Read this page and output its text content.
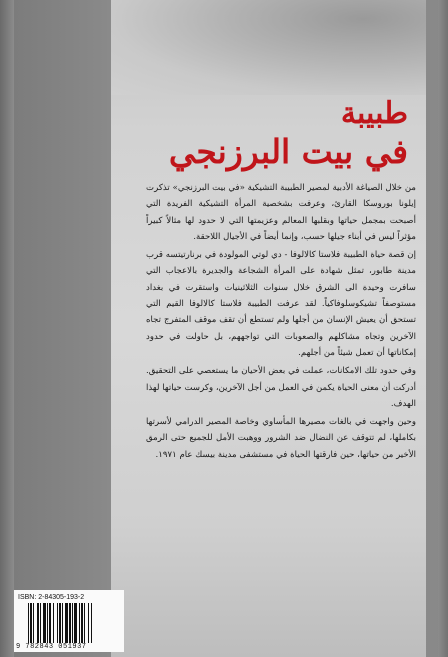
طبيبة
في بيت البرزنجي

من خلال الصياغة الأدبية لمصير الطبيبة التشيكية «في بيت البرزنجي» تذكرت إيلونا بوروسكا القارئ، وعرفت بشخصية المرأة التشيكية الفريدة التي أصبحت بمجمل حياتها وبقلبها المعالم وعزيمتها التي لا حدود لها مثالاً كبيراً مؤثراً ليس في أبناء جيلها حسب، وإنما أيضاً في الأجيال اللاحقة.

إن قصة حياة الطبيبة فلاستا كالالوفا - دي لوتي المولودة في برنارتيتسه قرب مدينة طابور، تمثل شهادة على المرأة الشجاعة والجديرة بالاعجاب التي سافرت وحيدة الى الشرق خلال سنوات الثلاثينيات واستقرت في بغداد مستوصفاً تشيكوسلوفاكياً. لقد عرفت الطبيبة فلاستا كالالوفا القيم التي تستحق أن يعيش الإنسان من أجلها ولم تستطع أن تقف موقف المتفرج تجاه الآخرين وتجاه مشاكلهم والصعوبات التي تواجههم، بل حاولت في حدود إمكاناتها أن تعمل شيئاً من أجلهم.

وفي حدود تلك الامكانات، عملت في بعض الأحيان ما يستعصي على التحقيق. أدركت أن معنى الحياة يكمن في العمل من أجل الآخرين، وكرست حياتها لهذا الهدف.

وحين واجهت في بالغات مصيرها المأساوي وخاصة المصير الدرامي لأسرتها بكاملها، لم تتوقف عن النضال ضد الشرور ووهبت الأمل للجميع حتى الرمق الأخير من حياتها، حين فارقتها الحياة في مستشفى مدينة بيسك عام ١٩٧١.

ISBN: 2-84305-193-2
9 782843 051937
